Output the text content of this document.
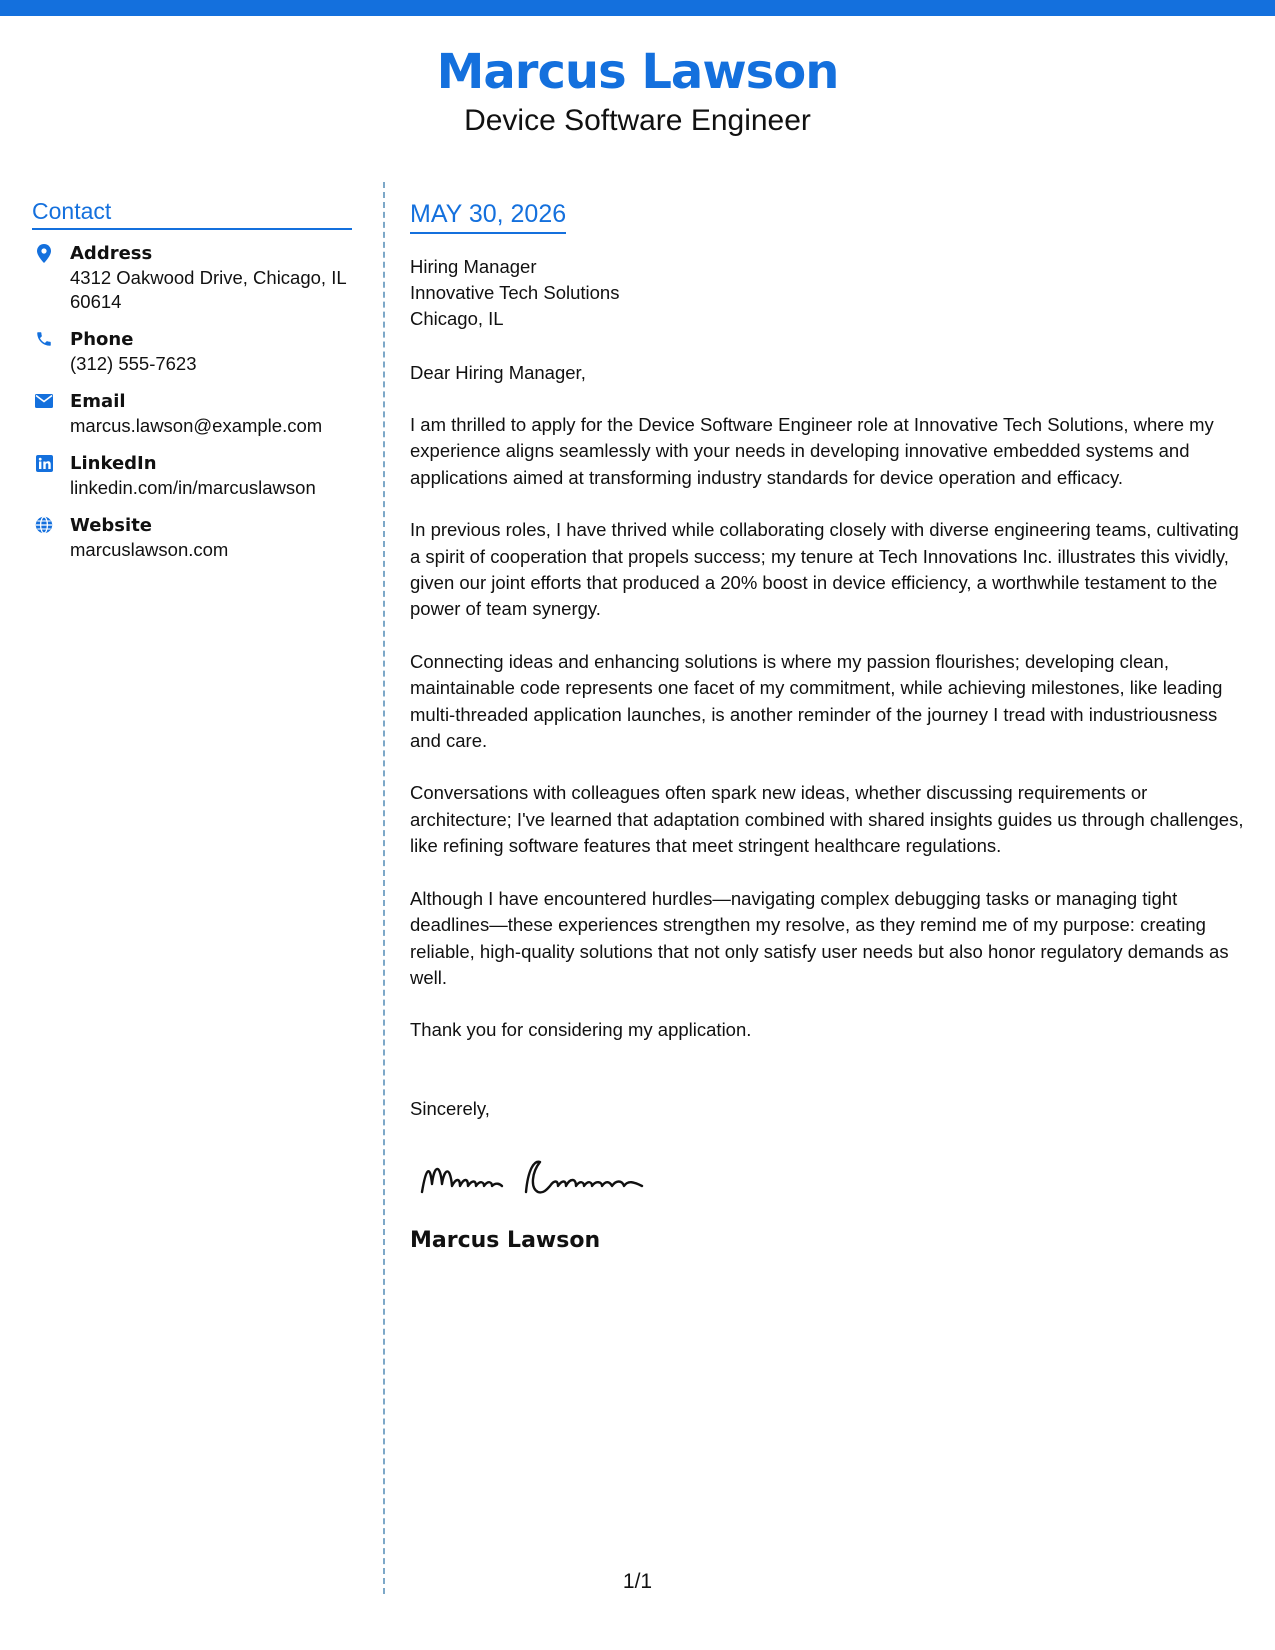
Marcus Lawson
Device Software Engineer
Contact
Address
4312 Oakwood Drive, Chicago, IL 60614
Phone
(312) 555-7623
Email
marcus.lawson@example.com
LinkedIn
linkedin.com/in/marcuslawson
Website
marcuslawson.com
MAY 30, 2026
Hiring Manager
Innovative Tech Solutions
Chicago, IL
Dear Hiring Manager,

I am thrilled to apply for the Device Software Engineer role at Innovative Tech Solutions, where my experience aligns seamlessly with your needs in developing innovative embedded systems and applications aimed at transforming industry standards for device operation and efficacy.

In previous roles, I have thrived while collaborating closely with diverse engineering teams, cultivating a spirit of cooperation that propels success; my tenure at Tech Innovations Inc. illustrates this vividly, given our joint efforts that produced a 20% boost in device efficiency, a worthwhile testament to the power of team synergy.

Connecting ideas and enhancing solutions is where my passion flourishes; developing clean, maintainable code represents one facet of my commitment, while achieving milestones, like leading multi-threaded application launches, is another reminder of the journey I tread with industriousness and care.

Conversations with colleagues often spark new ideas, whether discussing requirements or architecture; I've learned that adaptation combined with shared insights guides us through challenges, like refining software features that meet stringent healthcare regulations.

Although I have encountered hurdles—navigating complex debugging tasks or managing tight deadlines—these experiences strengthen my resolve, as they remind me of my purpose: creating reliable, high-quality solutions that not only satisfy user needs but also honor regulatory demands as well.

Thank you for considering my application.

Sincerely,
Marcus Lawson
1/1
